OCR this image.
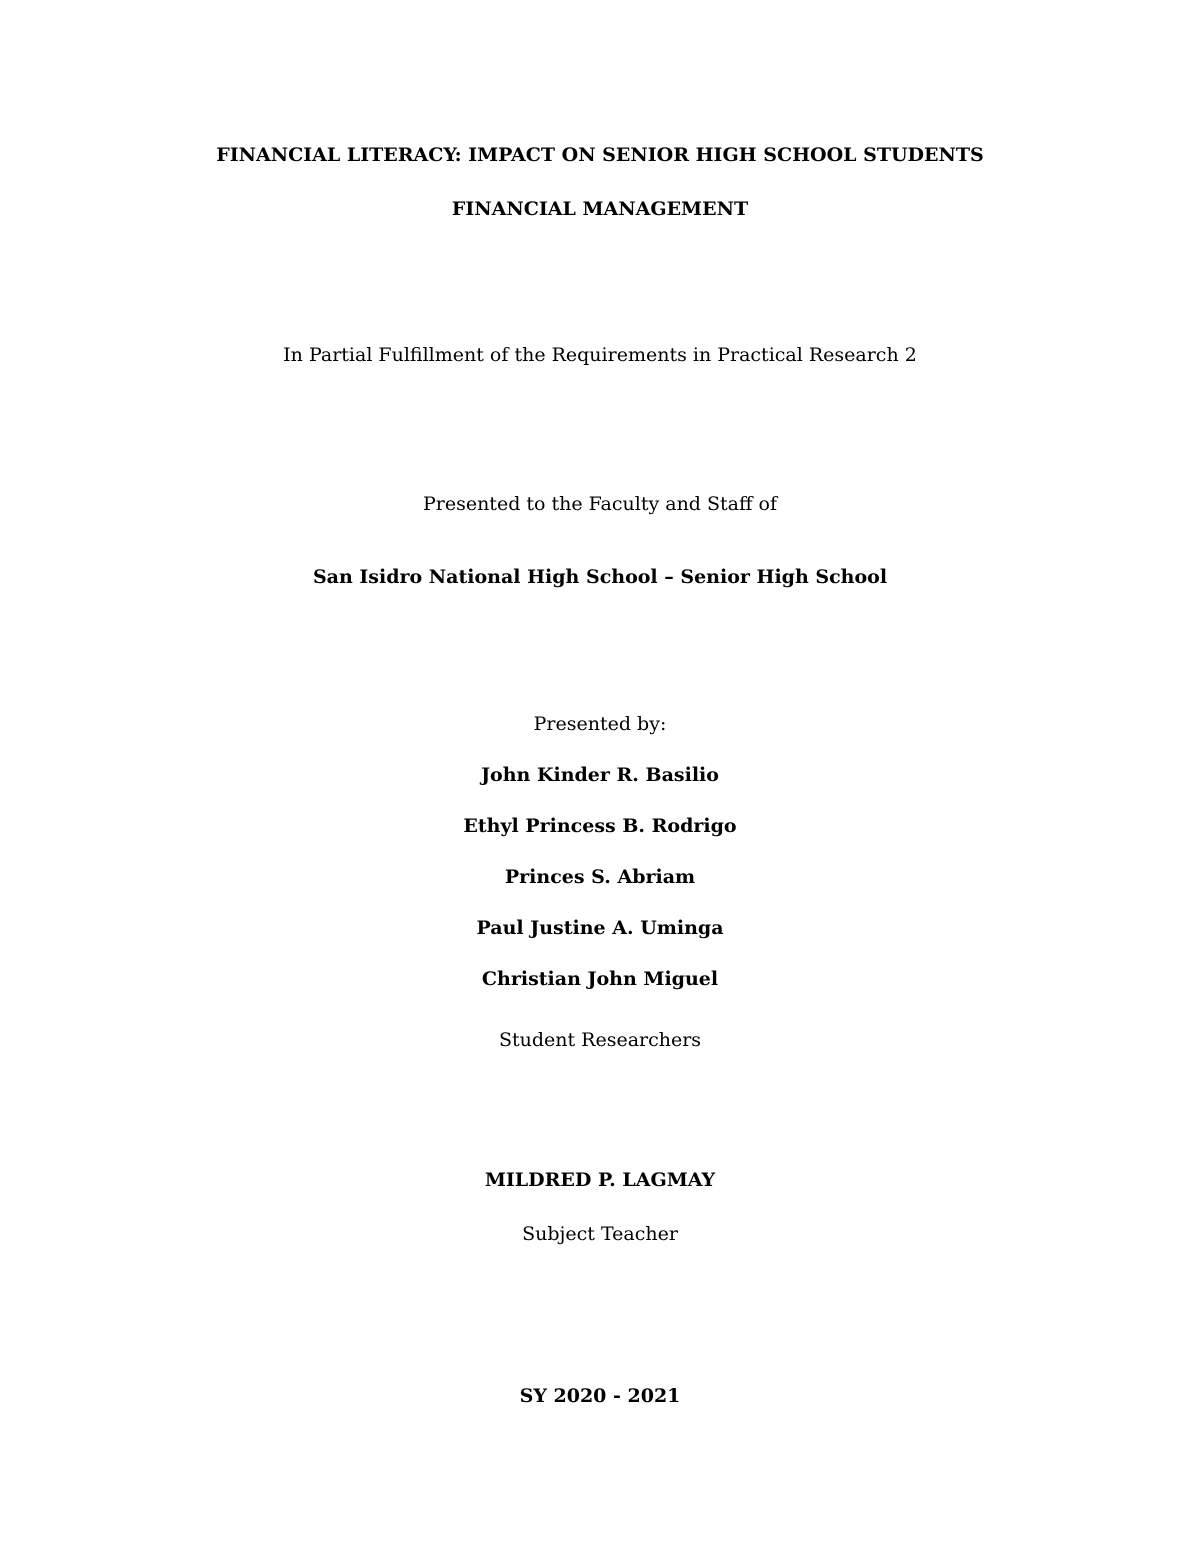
FINANCIAL LITERACY: IMPACT ON SENIOR HIGH SCHOOL STUDENTS
FINANCIAL MANAGEMENT
In Partial Fulfillment of the Requirements in Practical Research 2
Presented to the Faculty and Staff of
San Isidro National High School – Senior High School
Presented by:
John Kinder R. Basilio
Ethyl Princess B. Rodrigo
Princes S. Abriam
Paul Justine A. Uminga
Christian John Miguel
Student Researchers
MILDRED P. LAGMAY
Subject Teacher
SY 2020 - 2021
